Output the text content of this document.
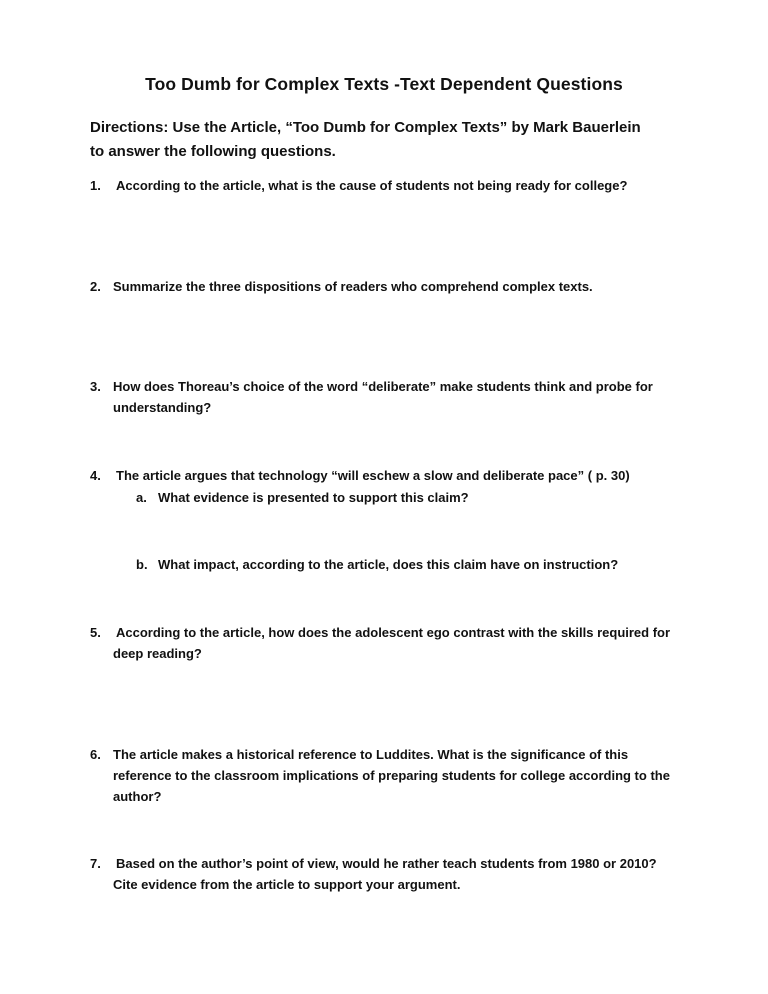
Too Dumb for Complex Texts -Text Dependent Questions
Directions: Use the Article, “Too Dumb for Complex Texts” by Mark Bauerlein
to answer the following questions.
1. According to the article, what is the cause of students not being ready for college?
2. Summarize the three dispositions of readers who comprehend complex texts.
3. How does Thoreau’s choice of the word “deliberate” make students think and probe for
understanding?
4. The article argues that technology “will eschew a slow and deliberate pace” ( p. 30)
a. What evidence is presented to support this claim?
b. What impact, according to the article, does this claim have on instruction?
5. According to the article, how does the adolescent ego contrast with the skills required for
deep reading?
6. The article makes a historical reference to Luddites. What is the significance of this
reference to the classroom implications of preparing students for college according to the
author?
7. Based on the author’s point of view, would he rather teach students from 1980 or 2010?
Cite evidence from the article to support your argument.
